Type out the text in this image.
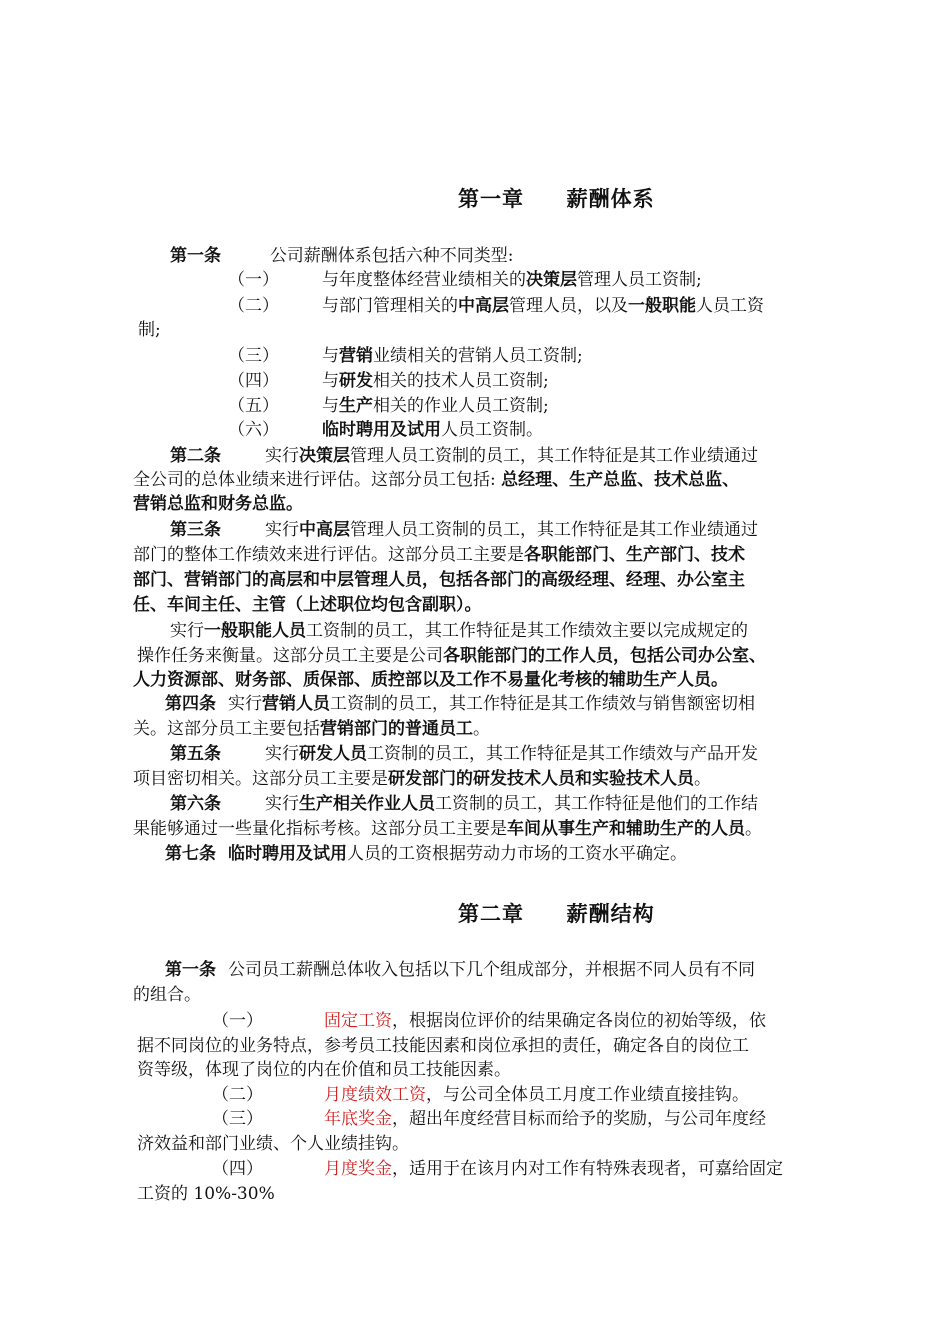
第一章 薪酬体系
第一条	公司薪酬体系包括六种不同类型:
（一）	与年度整体经营业绩相关的决策层管理人员工资制;
（二）	与部门管理相关的中高层管理人员，以及一般职能人员工资
制;
（三）	与营销业绩相关的营销人员工资制;
（四）	与研发相关的技术人员工资制;
（五）	与生产相关的作业人员工资制;
（六）	临时聘用及试用人员工资制。
第二条	实行决策层管理人员工资制的员工，其工作特征是其工作业绩通过
全公司的总体业绩来进行评估。这部分员工包括: 总经理、生产总监、技术总监、
营销总监和财务总监。
第三条	实行中高层管理人员工资制的员工，其工作特征是其工作业绩通过
部门的整体工作绩效来进行评估。这部分员工主要是各职能部门、生产部门、技术
部门、营销部门的高层和中层管理人员，包括各部门的高级经理、经理、办公室主
任、车间主任、主管（上述职位均包含副职）。
实行一般职能人员工资制的员工，其工作特征是其工作绩效主要以完成规定的
操作任务来衡量。这部分员工主要是公司各职能部门的工作人员，包括公司办公室、
人力资源部、财务部、质保部、质控部以及工作不易量化考核的辅助生产人员。
第四条 实行营销人员工资制的员工，其工作特征是其工作绩效与销售额密切相
关。这部分员工主要包括营销部门的普通员工。
第五条	实行研发人员工资制的员工，其工作特征是其工作绩效与产品开发
项目密切相关。这部分员工主要是研发部门的研发技术人员和实验技术人员。
第六条	实行生产相关作业人员工资制的员工，其工作特征是他们的工作结
果能够通过一些量化指标考核。这部分员工主要是车间从事生产和辅助生产的人员。
第七条 临时聘用及试用人员的工资根据劳动力市场的工资水平确定。
第二章 薪酬结构
第一条 公司员工薪酬总体收入包括以下几个组成部分，并根据不同人员有不同
的组合。
（一）	固定工资，根据岗位评价的结果确定各岗位的初始等级，依
据不同岗位的业务特点，参考员工技能因素和岗位承担的责任，确定各自的岗位工
资等级，体现了岗位的内在价值和员工技能因素。
（二）	月度绩效工资，与公司全体员工月度工作业绩直接挂钩。
（三）	年底奖金，超出年度经营目标而给予的奖励，与公司年度经
济效益和部门业绩、个人业绩挂钩。
（四）	月度奖金，适用于在该月内对工作有特殊表现者，可嘉给固定
工资的 10%-30%
